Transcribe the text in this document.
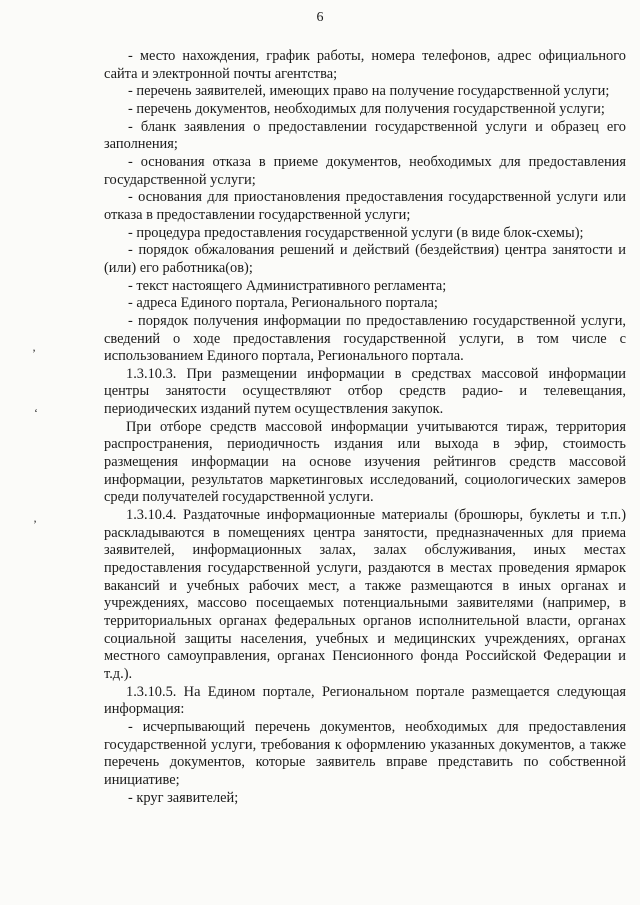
6
’
‘
’

- место нахождения, график работы, номера телефонов, адрес официального сайта и электронной почты агентства;

- перечень заявителей, имеющих право на получение государственной услуги;

- перечень документов, необходимых для получения государственной услуги;

- бланк заявления о предоставлении государственной услуги и образец его заполнения;

- основания отказа в приеме документов, необходимых для предоставления государственной услуги;

- основания для приостановления предоставления государственной услуги или отказа в предоставлении государственной услуги;

- процедура предоставления государственной услуги (в виде блок-схемы);

- порядок обжалования решений и действий (бездействия) центра занятости и (или) его работника(ов);

- текст настоящего Административного регламента;

- адреса Единого портала, Регионального портала;

- порядок получения информации по предоставлению государственной услуги, сведений о ходе предоставления государственной услуги, в том числе с использованием Единого портала, Регионального портала.

1.3.10.3. При размещении информации в средствах массовой информации центры занятости осуществляют отбор средств радио- и телевещания, периодических изданий путем осуществления закупок.

При отборе средств массовой информации учитываются тираж, территория распространения, периодичность издания или выхода в эфир, стоимость размещения информации на основе изучения рейтингов средств массовой информации, результатов маркетинговых исследований, социологических замеров среди получателей государственной услуги.

1.3.10.4. Раздаточные информационные материалы (брошюры, буклеты и т.п.) раскладываются в помещениях центра занятости, предназначенных для приема заявителей, информационных залах, залах обслуживания, иных местах предоставления государственной услуги, раздаются в местах проведения ярмарок вакансий и учебных рабочих мест, а также размещаются в иных органах и учреждениях, массово посещаемых потенциальными заявителями (например, в территориальных органах федеральных органов исполнительной власти, органах социальной защиты населения, учебных и медицинских учреждениях, органах местного самоуправления, органах Пенсионного фонда Российской Федерации и т.д.).

1.3.10.5. На Едином портале, Региональном портале размещается следующая информация:

- исчерпывающий перечень документов, необходимых для предоставления государственной услуги, требования к оформлению указанных документов, а также перечень документов, которые заявитель вправе представить по собственной инициативе;

- круг заявителей;
